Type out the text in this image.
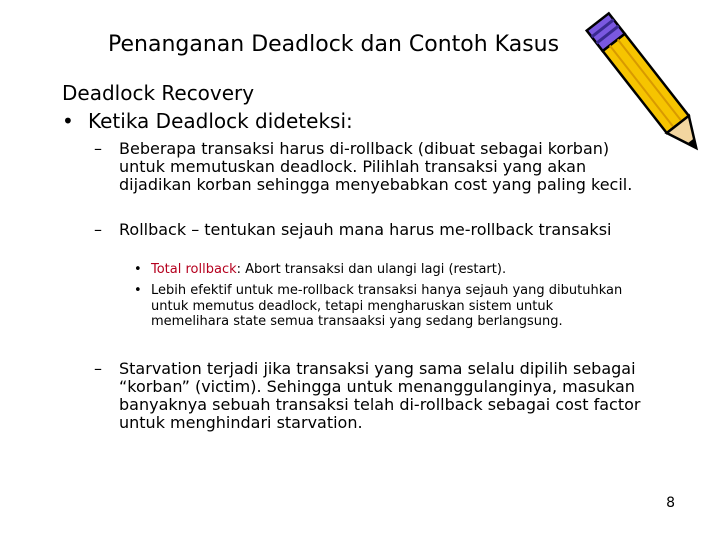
Penanganan Deadlock dan Contoh Kasus
Deadlock Recovery
• Ketika Deadlock dideteksi:
–	Beberapa transaksi harus di-rollback (dibuat sebagai korban) untuk memutuskan deadlock. Pilihlah transaksi yang akan dijadikan korban sehingga menyebabkan cost yang paling kecil.
–	Rollback – tentukan sejauh mana harus me-rollback transaksi
• Total rollback: Abort transaksi dan ulangi lagi (restart).
• Lebih efektif untuk me-rollback transaksi hanya sejauh yang dibutuhkan untuk memutus deadlock, tetapi mengharuskan sistem untuk memelihara state semua transaaksi yang sedang berlangsung.
–	Starvation terjadi jika transaksi yang sama selalu dipilih sebagai “korban” (victim). Sehingga untuk menanggulanginya, masukan banyaknya sebuah transaksi telah di-rollback sebagai cost factor untuk menghindari starvation.
8
